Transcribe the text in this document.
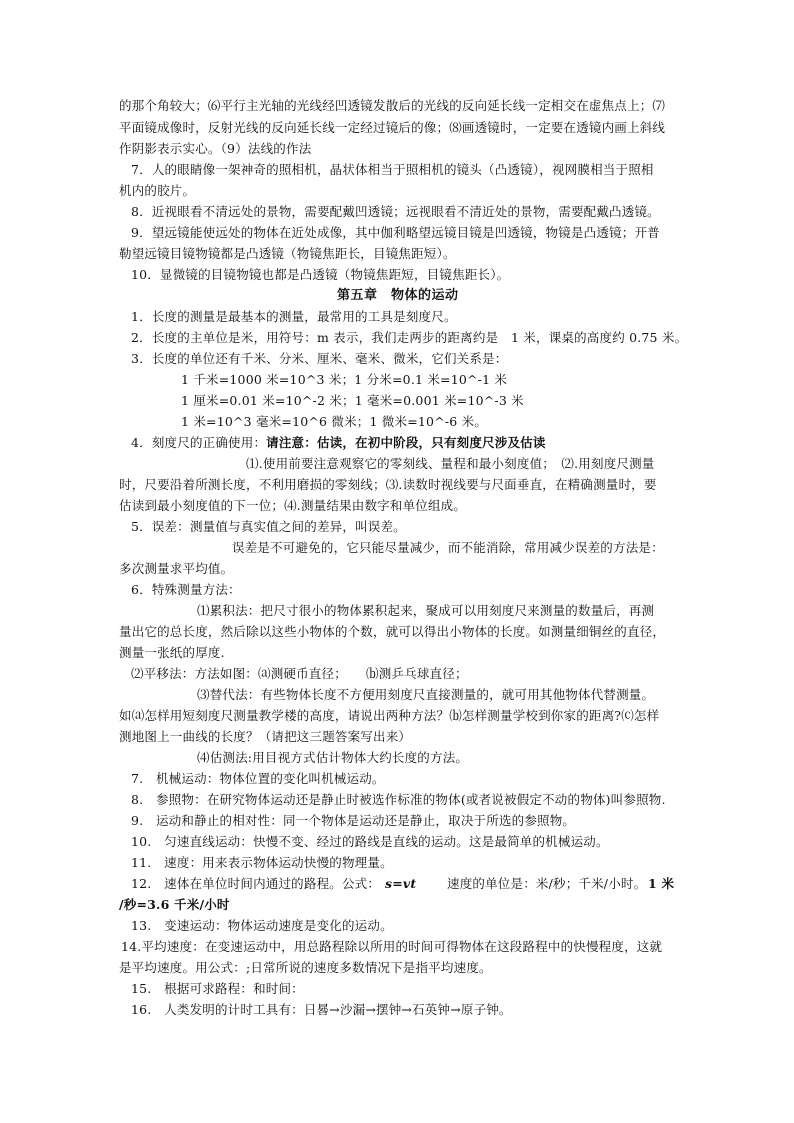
的那个角较大；⑹平行主光轴的光线经凹透镜发散后的光线的反向延长线一定相交在虚焦点上；⑺
平面镜成像时，反射光线的反向延长线一定经过镜后的像；⑻画透镜时，一定要在透镜内画上斜线
作阴影表示实心。（9）法线的作法
7．人的眼睛像一架神奇的照相机，晶状体相当于照相机的镜头（凸透镜），视网膜相当于照相
机内的胶片。
8．近视眼看不清远处的景物，需要配戴凹透镜；远视眼看不清近处的景物，需要配戴凸透镜。
9．望远镜能使远处的物体在近处成像，其中伽利略望远镜目镜是凹透镜，物镜是凸透镜；开普
勒望远镜目镜物镜都是凸透镜（物镜焦距长，目镜焦距短）。
10．显微镜的目镜物镜也都是凸透镜（物镜焦距短，目镜焦距长）。
第五章　物体的运动
1．长度的测量是最基本的测量，最常用的工具是刻度尺。
2．长度的主单位是米，用符号：m 表示，我们走两步的距离约是　1 米，课桌的高度约 0.75 米。
3．长度的单位还有千米、分米、厘米、毫米、微米，它们关系是：
1 千米=1000 米=10^3 米；1 分米=0.1 米=10^-1 米
1 厘米=0.01 米=10^-2 米；1 毫米=0.001 米=10^-3 米
1 米=10^3 毫米=10^6 微米；1 微米=10^-6 米。
4．刻度尺的正确使用：请注意：估读，在初中阶段，只有刻度尺涉及估读
⑴.使用前要注意观察它的零刻线、量程和最小刻度值；　⑵.用刻度尺测量
时，尺要沿着所测长度，不利用磨损的零刻线；⑶.读数时视线要与尺面垂直，在精确测量时，要
估读到最小刻度值的下一位；⑷.测量结果由数字和单位组成。
5．误差：测量值与真实值之间的差异，叫误差。
误差是不可避免的，它只能尽量减少，而不能消除，常用减少误差的方法是：
多次测量求平均值。
6．特殊测量方法：
⑴累积法：把尺寸很小的物体累积起来，聚成可以用刻度尺来测量的数量后，再测
量出它的总长度，然后除以这些小物体的个数，就可以得出小物体的长度。如测量细铜丝的直径，
测量一张纸的厚度.
⑵平移法：方法如图：⒜测硬币直径；　　⒝测乒乓球直径；
⑶替代法：有些物体长度不方便用刻度尺直接测量的，就可用其他物体代替测量。
如⒜怎样用短刻度尺测量教学楼的高度，请说出两种方法？⒝怎样测量学校到你家的距离?⒞怎样
测地图上一曲线的长度？（请把这三题答案写出来）
⑷估测法:用目视方式估计物体大约长度的方法。
7.　机械运动：物体位置的变化叫机械运动。
8.　参照物：在研究物体运动还是静止时被选作标准的物体(或者说被假定不动的物体)叫参照物.
9.　运动和静止的相对性：同一个物体是运动还是静止，取决于所选的参照物。
10.　匀速直线运动：快慢不变、经过的路线是直线的运动。这是最简单的机械运动。
11.　速度：用来表示物体运动快慢的物理量。
12.　速体在单位时间内通过的路程。公式： s=vt 速度的单位是：米/秒；千米/小时。 1 米
/秒=3.6 千米/小时
13.　变速运动：物体运动速度是变化的运动。
14.平均速度：在变速运动中，用总路程除以所用的时间可得物体在这段路程中的快慢程度，这就
是平均速度。用公式：;日常所说的速度多数情况下是指平均速度。
15.　根据可求路程：和时间：
16.　人类发明的计时工具有：日晷→沙漏→摆钟→石英钟→原子钟。
